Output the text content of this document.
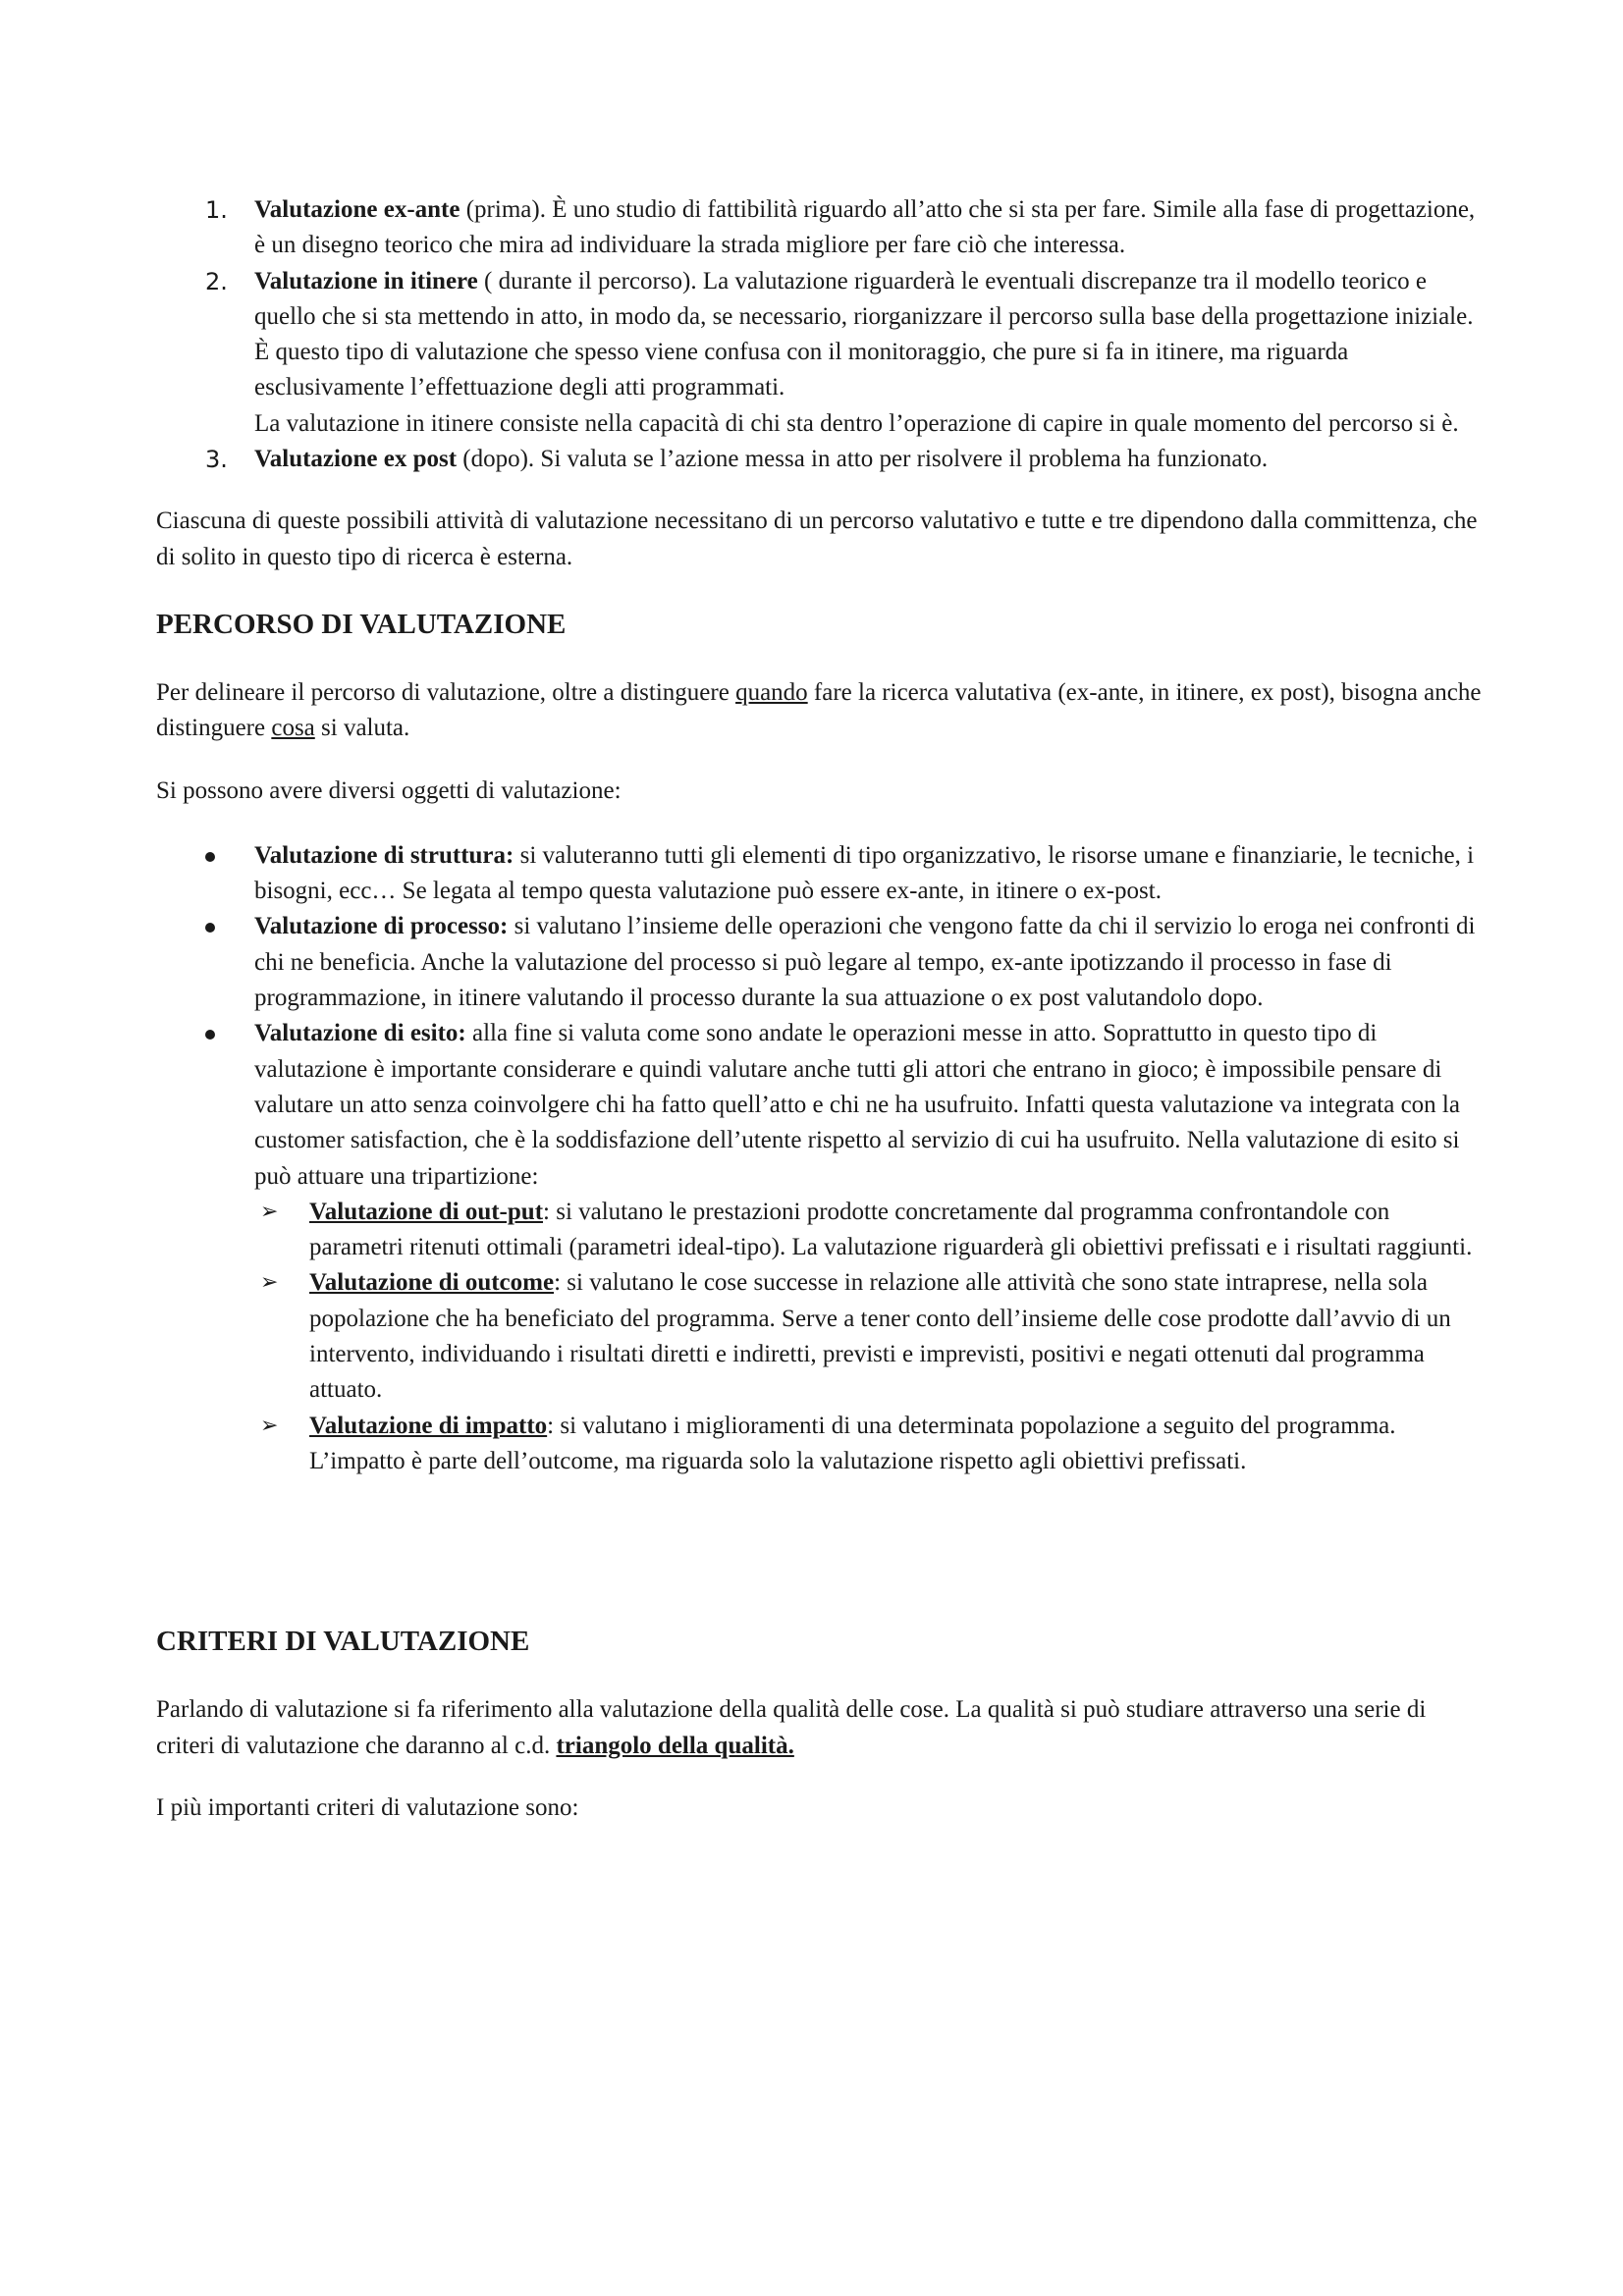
1. Valutazione ex-ante (prima). È uno studio di fattibilità riguardo all’atto che si sta per fare. Simile alla fase di progettazione, è un disegno teorico che mira ad individuare la strada migliore per fare ciò che interessa.

2. Valutazione in itinere ( durante il percorso). La valutazione riguarderà le eventuali discrepanze tra il modello teorico e quello che si sta mettendo in atto, in modo da, se necessario, riorganizzare il percorso sulla base della progettazione iniziale.

È questo tipo di valutazione che spesso viene confusa con il monitoraggio, che pure si fa in itinere, ma riguarda esclusivamente l’effettuazione degli atti programmati.

La valutazione in itinere consiste nella capacità di chi sta dentro l’operazione di capire in quale momento del percorso si è.

3. Valutazione ex post (dopo). Si valuta se l’azione messa in atto per risolvere il problema ha funzionato.

Ciascuna di queste possibili attività di valutazione necessitano di un percorso valutativo e tutte e tre dipendono dalla committenza, che di solito in questo tipo di ricerca è esterna.

PERCORSO DI VALUTAZIONE

Per delineare il percorso di valutazione, oltre a distinguere quando fare la ricerca valutativa (ex-ante, in itinere, ex post), bisogna anche distinguere cosa si valuta.

Si possono avere diversi oggetti di valutazione:

Valutazione di struttura: si valuteranno tutti gli elementi di tipo organizzativo, le risorse umane e finanziarie, le tecniche, i bisogni, ecc… Se legata al tempo questa valutazione può essere ex-ante, in itinere o ex-post.

Valutazione di processo: si valutano l’insieme delle operazioni che vengono fatte da chi il servizio lo eroga nei confronti di chi ne beneficia. Anche la valutazione del processo si può legare al tempo, ex-ante ipotizzando il processo in fase di programmazione, in itinere valutando il processo durante la sua attuazione o ex post valutandolo dopo.

Valutazione di esito: alla fine si valuta come sono andate le operazioni messe in atto. Soprattutto in questo tipo di valutazione è importante considerare e quindi valutare anche tutti gli attori che entrano in gioco; è impossibile pensare di valutare un atto senza coinvolgere chi ha fatto quell’atto e chi ne ha usufruito. Infatti questa valutazione va integrata con la customer satisfaction, che è la soddisfazione dell’utente rispetto al servizio di cui ha usufruito. Nella valutazione di esito si può attuare una tripartizione:

➢ Valutazione di out-put: si valutano le prestazioni prodotte concretamente dal programma confrontandole con parametri ritenuti ottimali (parametri ideal-tipo). La valutazione riguarderà gli obiettivi prefissati e i risultati raggiunti.

➢ Valutazione di outcome: si valutano le cose successe in relazione alle attività che sono state intraprese, nella sola popolazione che ha beneficiato del programma. Serve a tener conto dell’insieme delle cose prodotte dall’avvio di un intervento, individuando i risultati diretti e indiretti, previsti e imprevisti, positivi e negati ottenuti dal programma attuato.

➢ Valutazione di impatto: si valutano i miglioramenti di una determinata popolazione a seguito del programma. L’impatto è parte dell’outcome, ma riguarda solo la valutazione rispetto agli obiettivi prefissati.

CRITERI DI VALUTAZIONE

Parlando di valutazione si fa riferimento alla valutazione della qualità delle cose. La qualità si può studiare attraverso una serie di criteri di valutazione che daranno al c.d. triangolo della qualità.

I più importanti criteri di valutazione sono:
